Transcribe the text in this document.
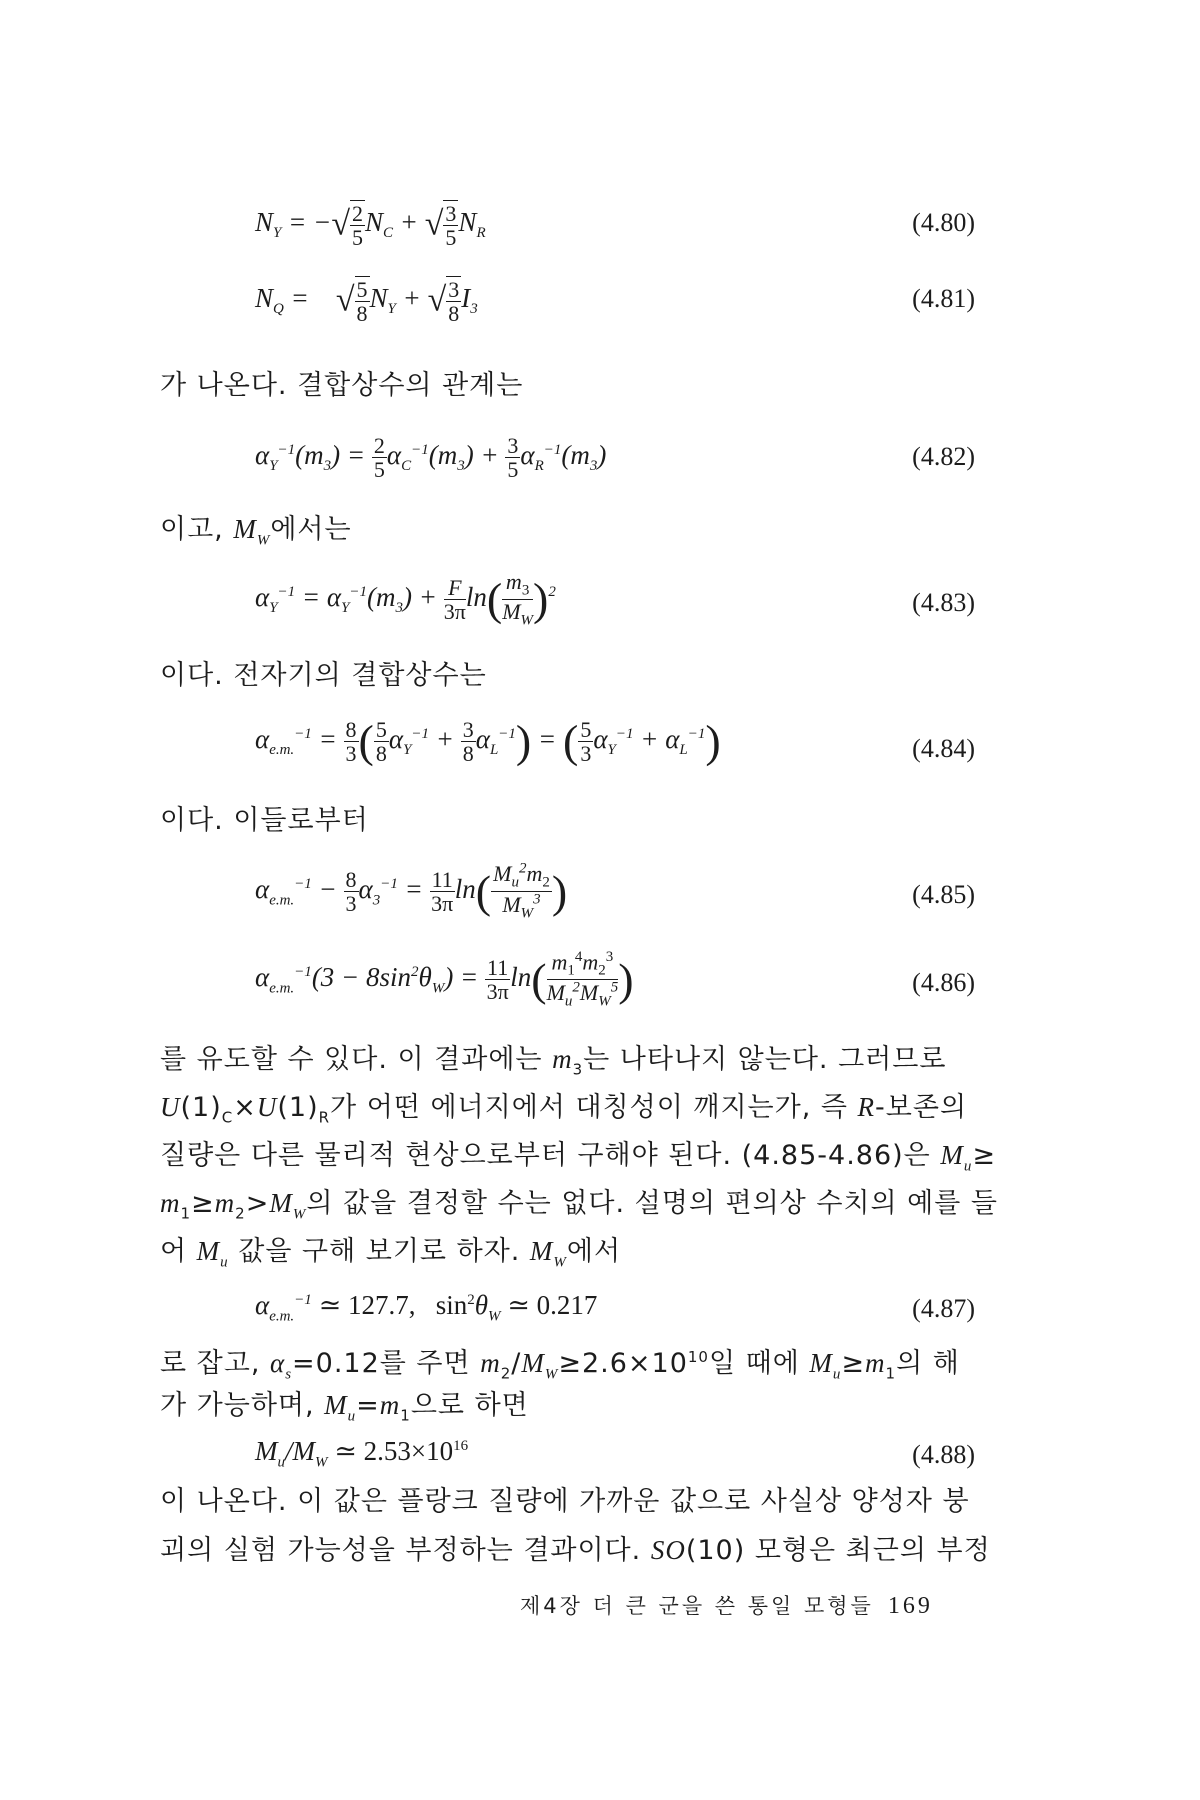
$N_Y$ = −√ $\frac{2}{5} N_C$ + √ $\frac{3}{5} N_R$	(4.80)
$N_Q$ =    √ $\frac{5}{8} N_Y$ + √ $\frac{3}{8} I_3$	(4.81)
가 나온다. 결합상수의 관계는
$\alpha_Y^{-1}(m_3) = \frac{2}{5} \alpha_C^{-1}(m_3) + \frac{3}{5} \alpha_R^{-1}(m_3)$	(4.82)
이고, $M_W$에서는
$\alpha_Y^{-1} = \alpha_Y^{-1}(m_3) + \frac{F}{3\pi} \ln( \frac{m_3}{M_W} )^2$	(4.83)
이다. 전자기의 결합상수는
$\alpha_{e.m.}^{-1} = \frac{8}{3}$ ( $\frac{5}{8} \alpha_Y^{-1} + \frac{3}{8} \alpha_L^{-1}$) = ( $\frac{5}{3} \alpha_Y^{-1} + \alpha_L^{-1}$)	(4.84)
이다. 이들로부터
$\alpha_{e.m.}^{-1} - \frac{8}{3} \alpha_3^{-1} = \frac{11}{3\pi} \ln( \frac{M_u^2m_2}{M_W^3}$ )	(4.85)
$\alpha_{e.m.}^{-1}(3 - 8\sin^2\theta_W) = \frac{11}{3\pi} \ln( \frac{m_1^4m_2^3}{M_u^2M_W^5}$ )	(4.86)
를 유도할 수 있다. 이 결과에는 $m_3$는 나타나지 않는다. 그러므로
$U(1)_C\times U(1)_R$가 어떤 에너지에서 대칭성이 깨지는가, 즉 R-보존의
질량은 다른 물리적 현상으로부터 구해야 된다. (4.85-4.86)은 $M_u\ge$
$m_1\ge m_2>M_W$의 값을 결정할 수는 없다. 설명의 편의상 수치의 예를 들
어 $M_u$ 값을 구해 보기로 하자. $M_W$에서
$\alpha_{e.m.}^{-1}$ ≃ 127.7, $\sin^2\theta_W$ ≃ 0.217	(4.87)
로 잡고, $\alpha_s=0.12$를 주면 $m_2/M_W\ge 2.6\times 10^{10}$일 때에 $M_u\ge m_1$의 해
가 가능하며, $M_u=m_1$으로 하면
$M_u/M_W$ ≃ $2.53\times 10^{16}$	(4.88)
이 나온다. 이 값은 플랑크 질량에 가까운 값으로 사실상 양성자 붕
괴의 실험 가능성을 부정하는 결과이다. SO(10) 모형은 최근의 부정
제4장 더 큰 군을 쓴 통일 모형들 169
